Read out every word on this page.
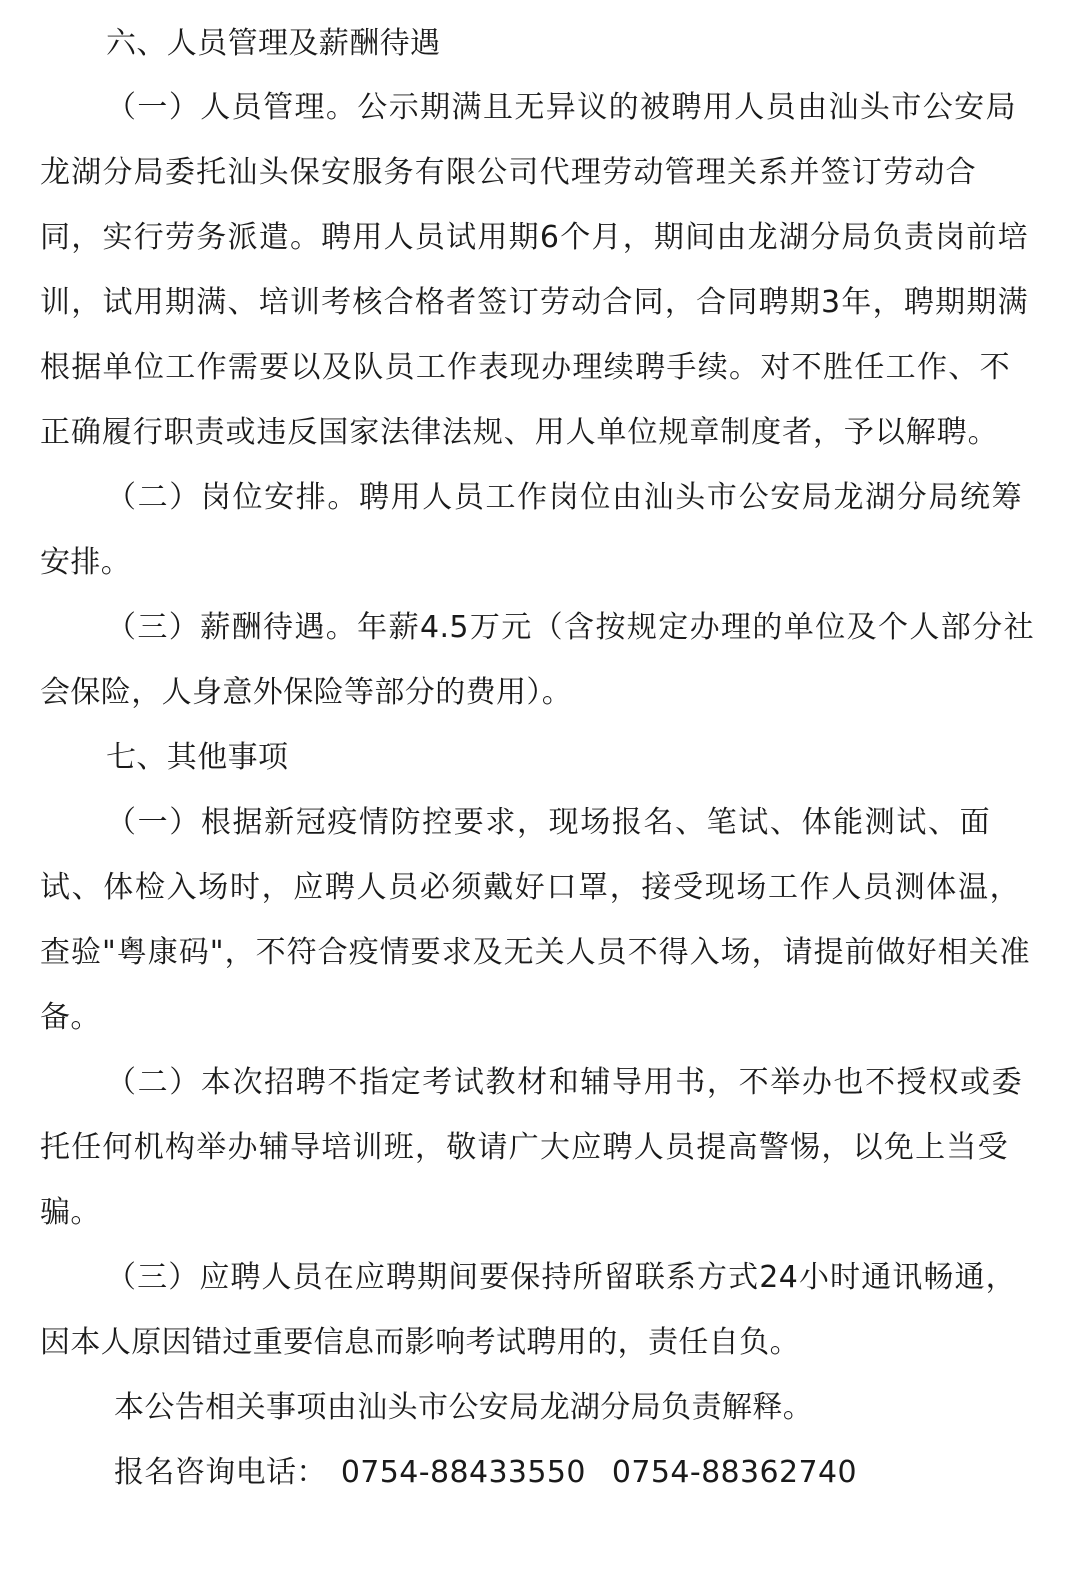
六、人员管理及薪酬待遇

（一）人员管理。公示期满且无异议的被聘用人员由汕头市公安局

龙湖分局委托汕头保安服务有限公司代理劳动管理关系并签订劳动合

同，实行劳务派遣。聘用人员试用期6个月，期间由龙湖分局负责岗前培

训，试用期满、培训考核合格者签订劳动合同，合同聘期3年，聘期期满

根据单位工作需要以及队员工作表现办理续聘手续。对不胜任工作、不

正确履行职责或违反国家法律法规、用人单位规章制度者，予以解聘。

（二）岗位安排。聘用人员工作岗位由汕头市公安局龙湖分局统筹

安排。

（三）薪酬待遇。年薪4.5万元（含按规定办理的单位及个人部分社

会保险，人身意外保险等部分的费用）。

七、其他事项

（一）根据新冠疫情防控要求，现场报名、笔试、体能测试、面

试、体检入场时，应聘人员必须戴好口罩，接受现场工作人员测体温，

查验"粤康码"，不符合疫情要求及无关人员不得入场，请提前做好相关准

备。

（二）本次招聘不指定考试教材和辅导用书，不举办也不授权或委

托任何机构举办辅导培训班，敬请广大应聘人员提高警惕，以免上当受

骗。

（三）应聘人员在应聘期间要保持所留联系方式24小时通讯畅通，

因本人原因错过重要信息而影响考试聘用的，责任自负。

本公告相关事项由汕头市公安局龙湖分局负责解释。

报名咨询电话： 0754-88433550 0754-88362740
